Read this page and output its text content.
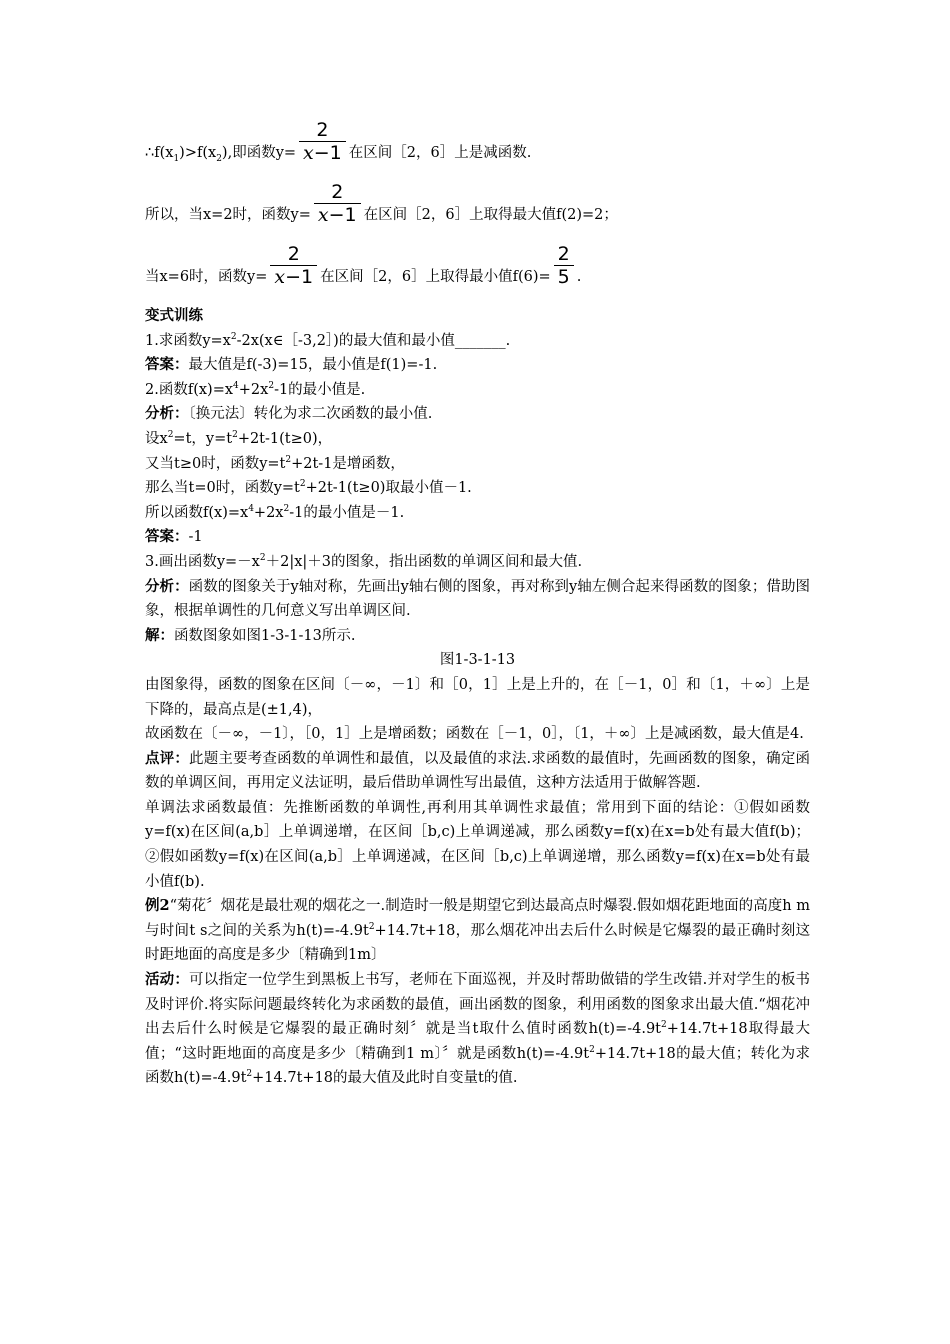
$\therefore f(x_1)>f(x_2)$,即函数$y= \frac{2}{x-1}$ 在区间［2，6］上是减函数.
所以，当x=2时，函数$y= \frac{2}{x-1}$ 在区间［2，6］上取得最大值f(2)=2；
当x=6时，函数$y= \frac{2}{x-1}$ 在区间［2，6］上取得最小值$f(6)= \frac{2}{5}$ .

变式训练

1.求函数$y=x^2-2x(x\in[-3,2])$的最大值和最小值_______.

答案：最大值是f(-3)=15，最小值是f(1)=-1.

2.函数$f(x)=x^4+2x^2-1$的最小值是.

分析：〔换元法〕转化为求二次函数的最小值.

设$x^2=t$，$y=t^2+2t-1(t\ge 0)$，

又当t≥0时，函数$y=t^2+2t-1$是增函数，

那么当t=0时，函数$y=t^2+2t-1(t\ge 0)$取最小值－1.

所以函数$f(x)=x^4+2x^2-1$的最小值是－1.

答案：-1

3.画出函数$y=-x^2+2|x|+3$的图象，指出函数的单调区间和最大值.

分析：函数的图象关于y轴对称，先画出y轴右侧的图象，再对称到y轴左侧合起来得函数的图象；借助图象，根据单调性的几何意义写出单调区间.

解：函数图象如图1-3-1-13所示.

图1-3-1-13

由图象得，函数的图象在区间〔－∞，－1〕和［0，1］上是上升的，在［－1，0］和〔1，＋∞〕上是下降的，最高点是(±1,4)，

故函数在〔－∞，－1〕，［0，1］上是增函数；函数在［－1，0］，〔1，＋∞〕上是减函数，最大值是4.

点评：此题主要考查函数的单调性和最值，以及最值的求法.求函数的最值时，先画函数的图象，确定函数的单调区间，再用定义法证明，最后借助单调性写出最值，这种方法适用于做解答题.

单调法求函数最值：先推断函数的单调性,再利用其单调性求最值；常用到下面的结论：①假如函数y=f(x)在区间(a,b］上单调递增，在区间［b,c)上单调递减，那么函数y=f(x)在x=b处有最大值f(b)；②假如函数y=f(x)在区间(a,b］上单调递减，在区间［b,c)上单调递增，那么函数y=f(x)在x=b处有最小值f(b).

例2“菊花〞烟花是最壮观的烟花之一.制造时一般是期望它到达最高点时爆裂.假如烟花距地面的高度h m与时间t s之间的关系为$h(t)=-4.9t^2+14.7t+18$，那么烟花冲出去后什么时候是它爆裂的最正确时刻这时距地面的高度是多少〔精确到1m〕

活动：可以指定一位学生到黑板上书写，老师在下面巡视，并及时帮助做错的学生改错.并对学生的板书及时评价.将实际问题最终转化为求函数的最值，画出函数的图象，利用函数的图象求出最大值.“烟花冲出去后什么时候是它爆裂的最正确时刻〞就是当t取什么值时函数$h(t)=-4.9t^2+14.7t+18$取得最大值；“这时距地面的高度是多少〔精确到1 m〕〞就是函数$h(t)=-4.9t^2+14.7t+18$的最大值；转化为求函数$h(t)=-4.9t^2+14.7t+18$的最大值及此时自变量t的值.
